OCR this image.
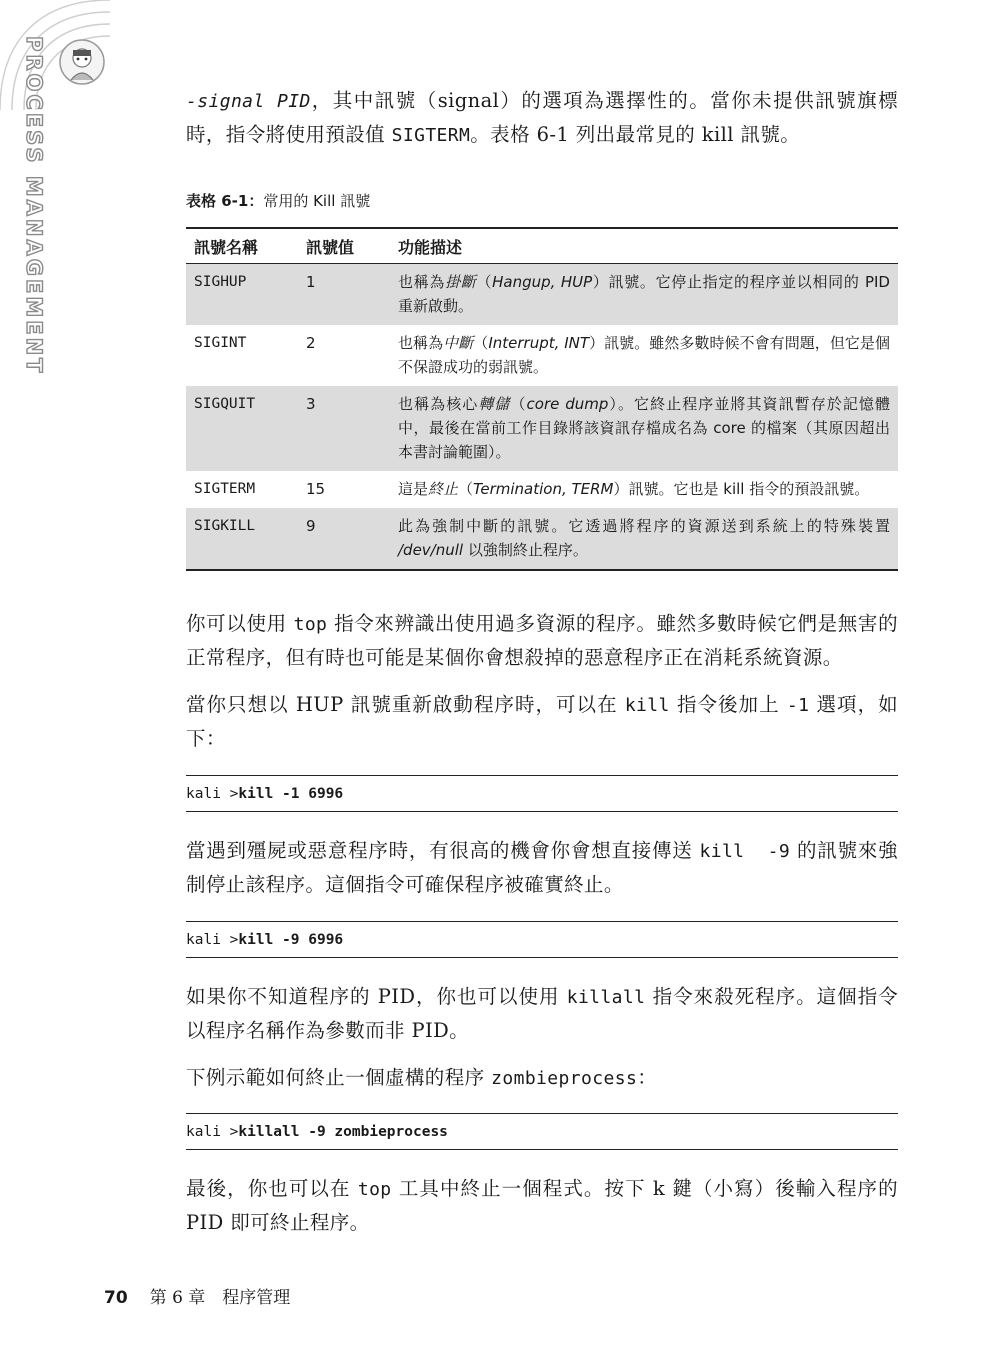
PROCESS MANAGEMENT	-signal PID，其中訊號（signal）的選項為選擇性的。當你未提供訊號旗標時，指令將使用預設值 SIGTERM。表格 6-1 列出最常見的 kill 訊號。

表格 6-1：常用的 Kill 訊號
訊號名稱	訊號值	功能描述
SIGHUP	1	也稱為掛斷（Hangup, HUP）訊號。它停止指定的程序並以相同的 PID 重新啟動。
SIGINT	2	也稱為中斷（Interrupt, INT）訊號。雖然多數時候不會有問題，但它是個不保證成功的弱訊號。
SIGQUIT	3	也稱為核心轉儲（core dump）。它終止程序並將其資訊暫存於記憶體中，最後在當前工作目錄將該資訊存檔成名為 core 的檔案（其原因超出本書討論範圍）。
SIGTERM	15	這是終止（Termination, TERM）訊號。它也是 kill 指令的預設訊號。
SIGKILL	9	此為強制中斷的訊號。它透過將程序的資源送到系統上的特殊裝置 /dev/null 以強制終止程序。

你可以使用 top 指令來辨識出使用過多資源的程序。雖然多數時候它們是無害的正常程序，但有時也可能是某個你會想殺掉的惡意程序正在消耗系統資源。

當你只想以 HUP 訊號重新啟動程序時，可以在 kill 指令後加上 -1 選項，如下：

kali >kill -1 6996

當遇到殭屍或惡意程序時，有很高的機會你會想直接傳送 kill  -9 的訊號來強制停止該程序。這個指令可確保程序被確實終止。

kali >kill -9 6996

如果你不知道程序的 PID，你也可以使用 killall 指令來殺死程序。這個指令以程序名稱作為參數而非 PID。

下例示範如何終止一個虛構的程序 zombieprocess：

kali >killall -9 zombieprocess

最後，你也可以在 top 工具中終止一個程式。按下 k 鍵（小寫）後輸入程序的 PID 即可終止程序。

70 第 6 章　程序管理
